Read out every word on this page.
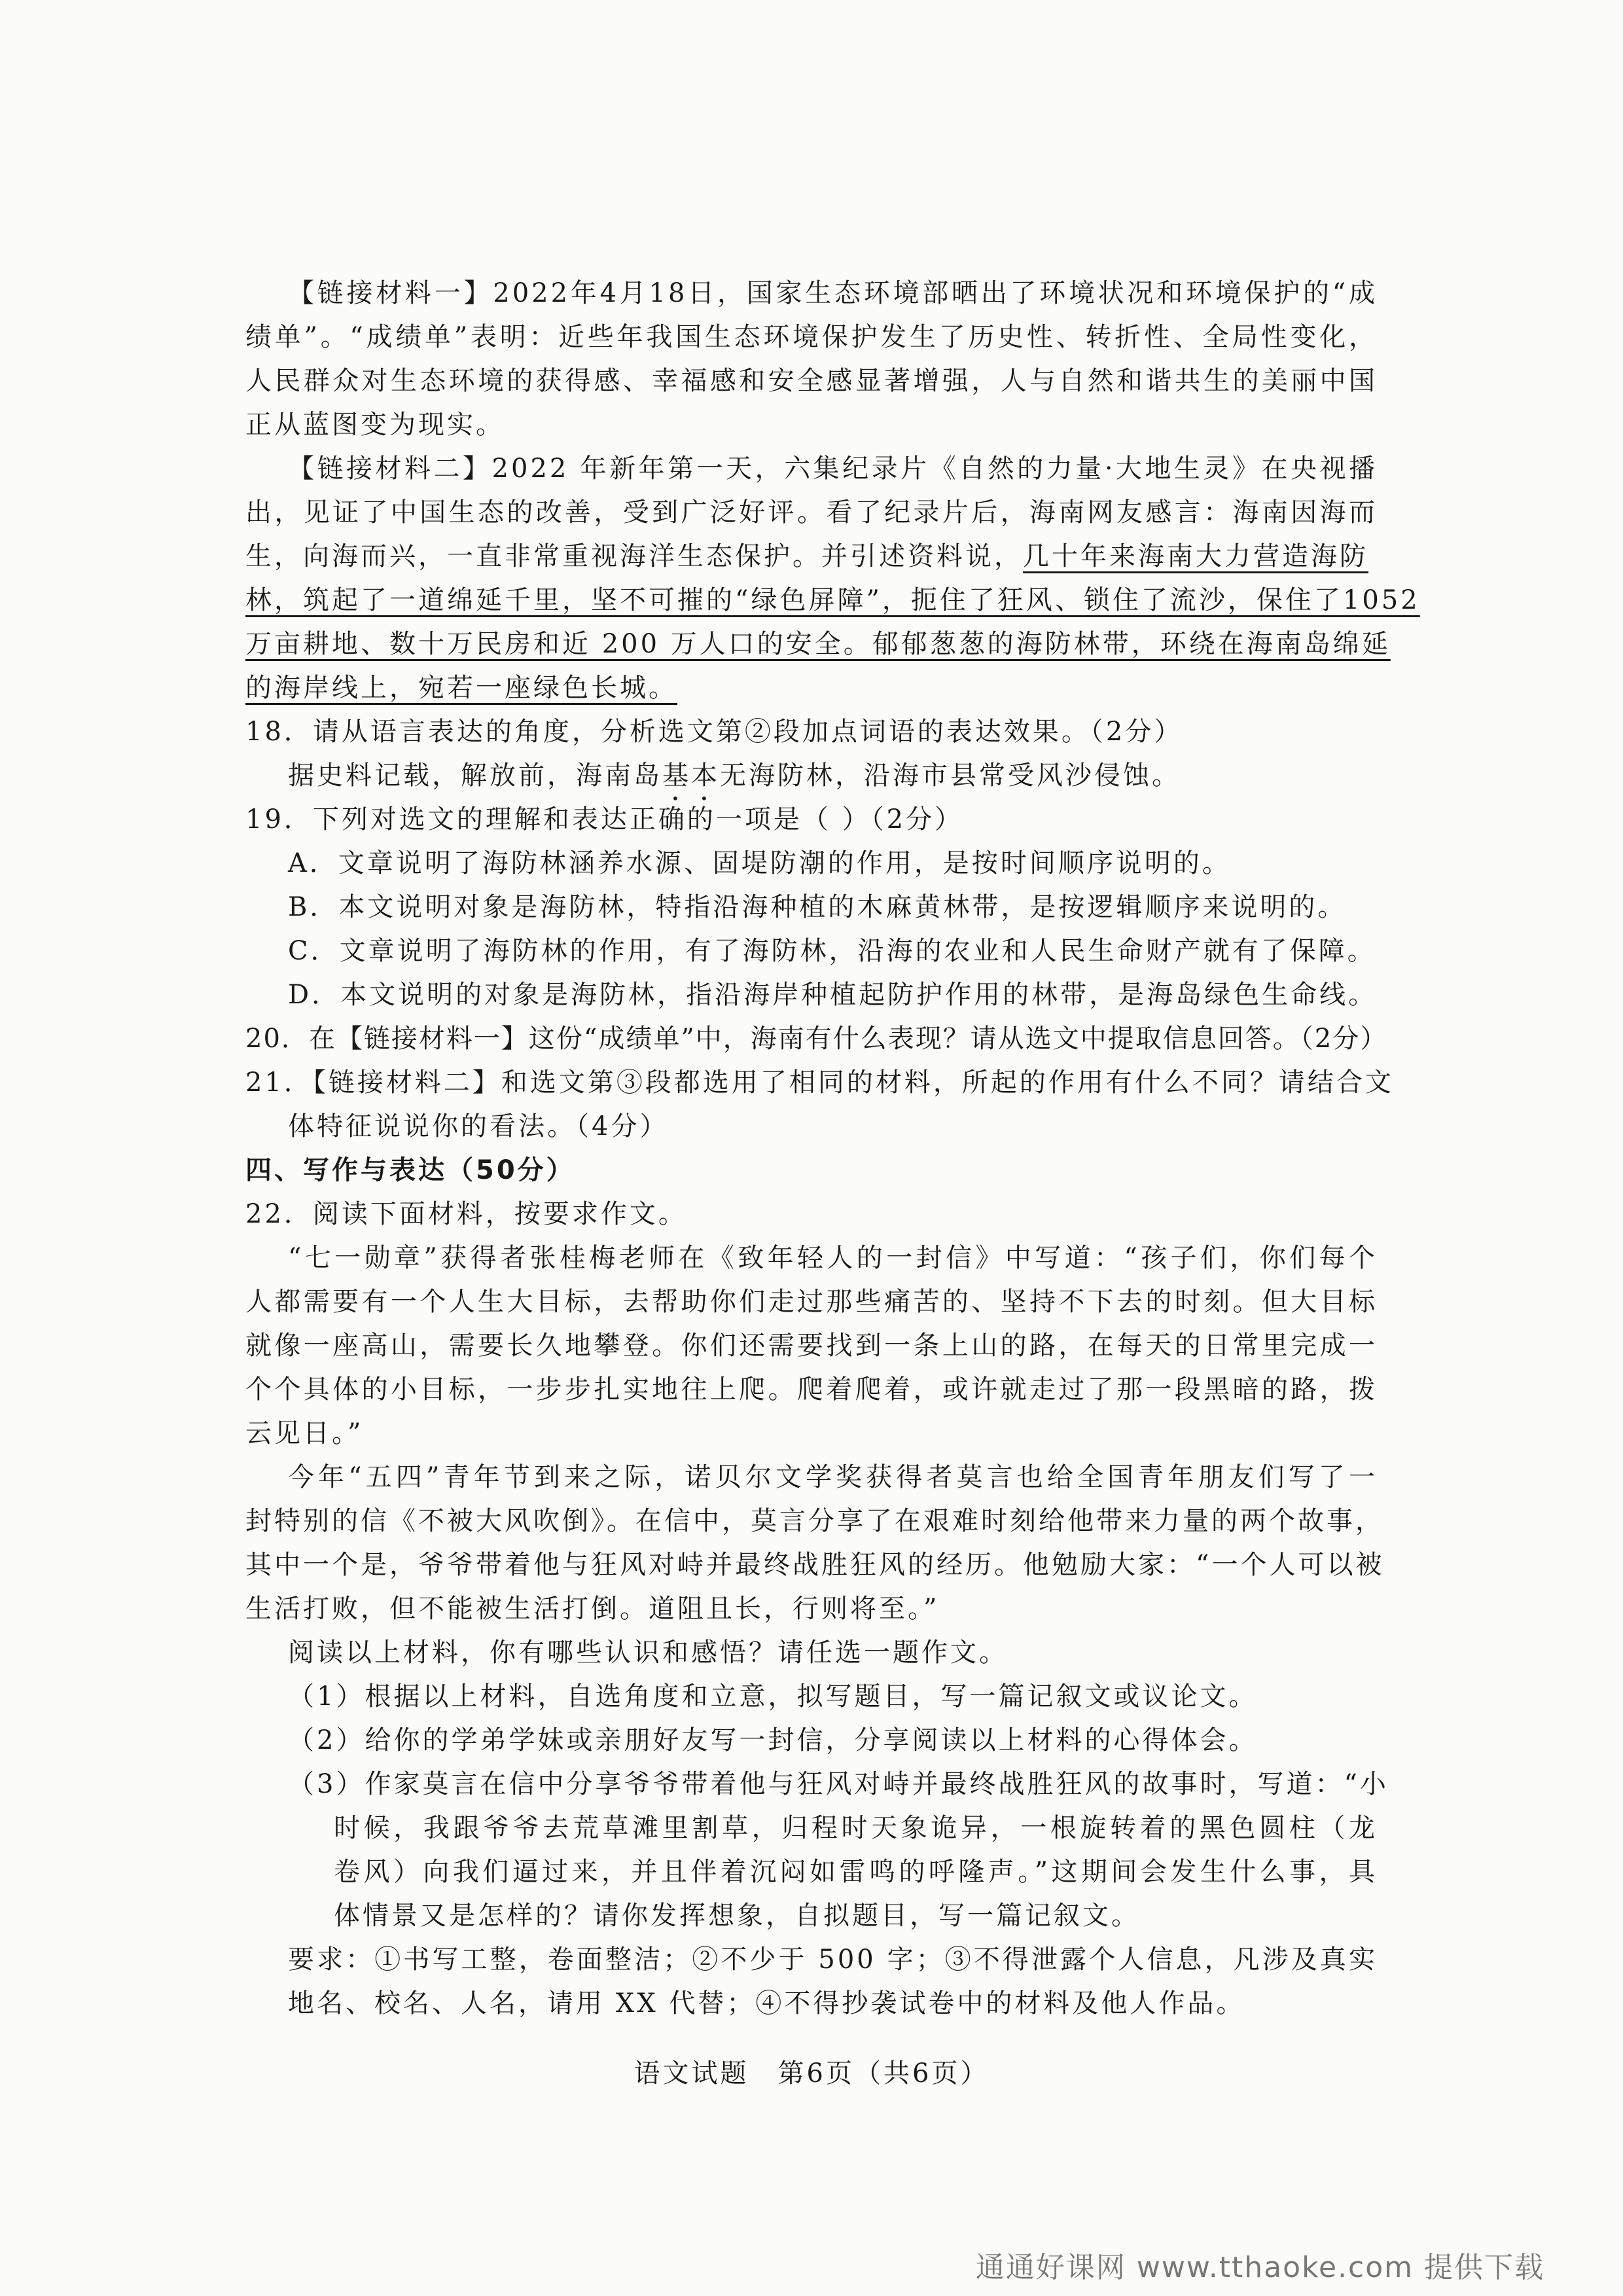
【链接材料一】2022年4月18日，国家生态环境部晒出了环境状况和环境保护的“成
绩单”。“成绩单”表明：近些年我国生态环境保护发生了历史性、转折性、全局性变化，
人民群众对生态环境的获得感、幸福感和安全感显著增强，人与自然和谐共生的美丽中国
正从蓝图变为现实。
【链接材料二】2022 年新年第一天，六集纪录片《自然的力量·大地生灵》在央视播
出，见证了中国生态的改善，受到广泛好评。看了纪录片后，海南网友感言：海南因海而
生，向海而兴，一直非常重视海洋生态保护。并引述资料说，几十年来海南大力营造海防
林，筑起了一道绵延千里，坚不可摧的“绿色屏障”，扼住了狂风、锁住了流沙，保住了1052
万亩耕地、数十万民房和近 200 万人口的安全。郁郁葱葱的海防林带，环绕在海南岛绵延
的海岸线上，宛若一座绿色长城。
18．请从语言表达的角度，分析选文第②段加点词语的表达效果。（2分）
据史料记载，解放前，海南岛基本无海防林，沿海市县常受风沙侵蚀。
19．下列对选文的理解和表达正确的一项是（ ）（2分）
A．文章说明了海防林涵养水源、固堤防潮的作用，是按时间顺序说明的。
B．本文说明对象是海防林，特指沿海种植的木麻黄林带，是按逻辑顺序来说明的。
C．文章说明了海防林的作用，有了海防林，沿海的农业和人民生命财产就有了保障。
D．本文说明的对象是海防林，指沿海岸种植起防护作用的林带，是海岛绿色生命线。
20．在【链接材料一】这份“成绩单”中，海南有什么表现？请从选文中提取信息回答。（2分）
21．【链接材料二】和选文第③段都选用了相同的材料，所起的作用有什么不同？请结合文
体特征说说你的看法。（4分）
四、写作与表达（50分）
22．阅读下面材料，按要求作文。
“七一勋章”获得者张桂梅老师在《致年轻人的一封信》中写道：“孩子们，你们每个
人都需要有一个人生大目标，去帮助你们走过那些痛苦的、坚持不下去的时刻。但大目标
就像一座高山，需要长久地攀登。你们还需要找到一条上山的路，在每天的日常里完成一
个个具体的小目标，一步步扎实地往上爬。爬着爬着，或许就走过了那一段黑暗的路，拨
云见日。”
今年“五四”青年节到来之际，诺贝尔文学奖获得者莫言也给全国青年朋友们写了一
封特别的信《不被大风吹倒》。在信中，莫言分享了在艰难时刻给他带来力量的两个故事，
其中一个是，爷爷带着他与狂风对峙并最终战胜狂风的经历。他勉励大家：“一个人可以被
生活打败，但不能被生活打倒。道阻且长，行则将至。”
阅读以上材料，你有哪些认识和感悟？请任选一题作文。
（1）根据以上材料，自选角度和立意，拟写题目，写一篇记叙文或议论文。
（2）给你的学弟学妹或亲朋好友写一封信，分享阅读以上材料的心得体会。
（3）作家莫言在信中分享爷爷带着他与狂风对峙并最终战胜狂风的故事时，写道：“小
时候，我跟爷爷去荒草滩里割草，归程时天象诡异，一根旋转着的黑色圆柱（龙
卷风）向我们逼过来，并且伴着沉闷如雷鸣的呼隆声。”这期间会发生什么事，具
体情景又是怎样的？请你发挥想象，自拟题目，写一篇记叙文。
要求：①书写工整，卷面整洁；②不少于 500 字；③不得泄露个人信息，凡涉及真实
地名、校名、人名，请用 XX 代替；④不得抄袭试卷中的材料及他人作品。
语文试题　第6页（共6页）
通通好课网 www.tthaoke.com 提供下载
